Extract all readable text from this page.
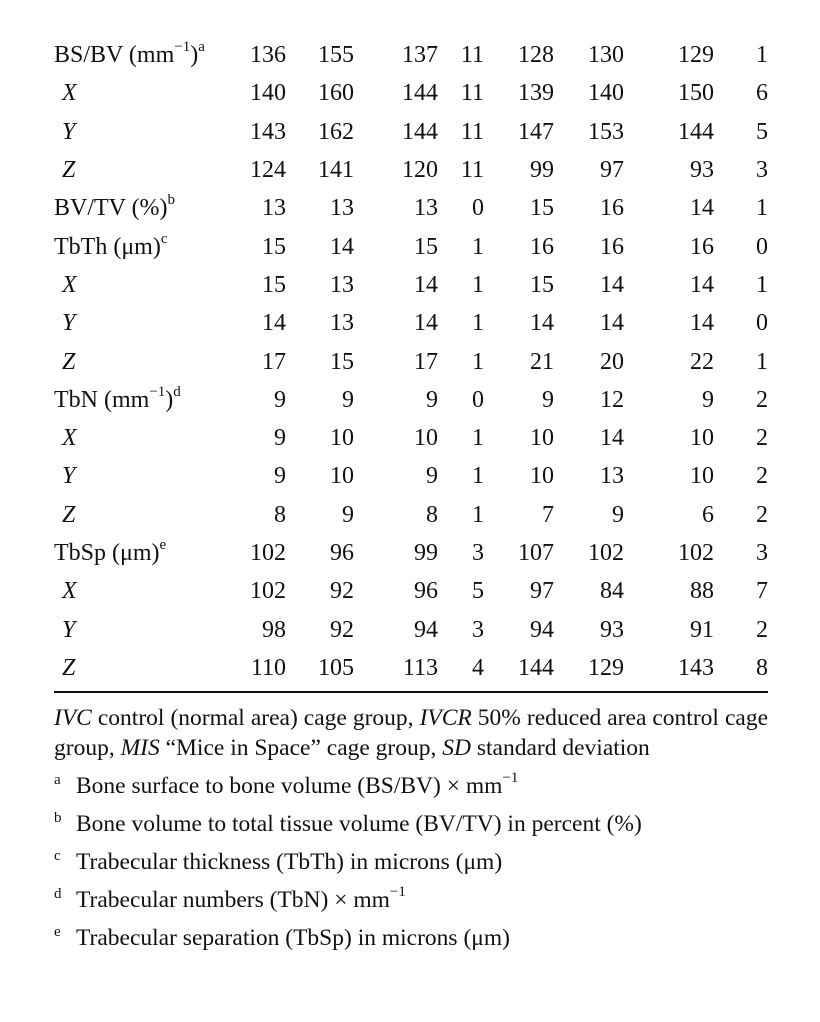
BS/BV $(mm^{-1})^a$	136	155	137	11	128	130	129	1
X	140	160	144	11	139	140	150	6
Y	143	162	144	11	147	153	144	5
Z	124	141	120	11	99	97	93	3
BV/TV (%)$^b$	13	13	13	0	15	16	14	1
TbTh $(\mu m)^c$	15	14	15	1	16	16	16	0
X	15	13	14	1	15	14	14	1
Y	14	13	14	1	14	14	14	0
Z	17	15	17	1	21	20	22	1
TbN $(mm^{-1})^d$	9	9	9	0	9	12	9	2
X	9	10	10	1	10	14	10	2
Y	9	10	9	1	10	13	10	2
Z	8	9	8	1	7	9	6	2
TbSp $(\mu m)^e$	102	96	99	3	107	102	102	3
X	102	92	96	5	97	84	88	7
Y	98	92	94	3	94	93	91	2
Z	110	105	113	4	144	129	143	8
IVC control (normal area) cage group, IVCR 50% reduced area control cage group, MIS “Mice in Space” cage group, SD standard deviation
a Bone surface to bone volume $(BS/BV) \times mm^{-1}$
b Bone volume to total tissue volume (BV/TV) in percent (%)
c Trabecular thickness (TbTh) in microns (μm)
d Trabecular numbers $(TbN) \times mm^{-1}$
e Trabecular separation (TbSp) in microns (μm)
